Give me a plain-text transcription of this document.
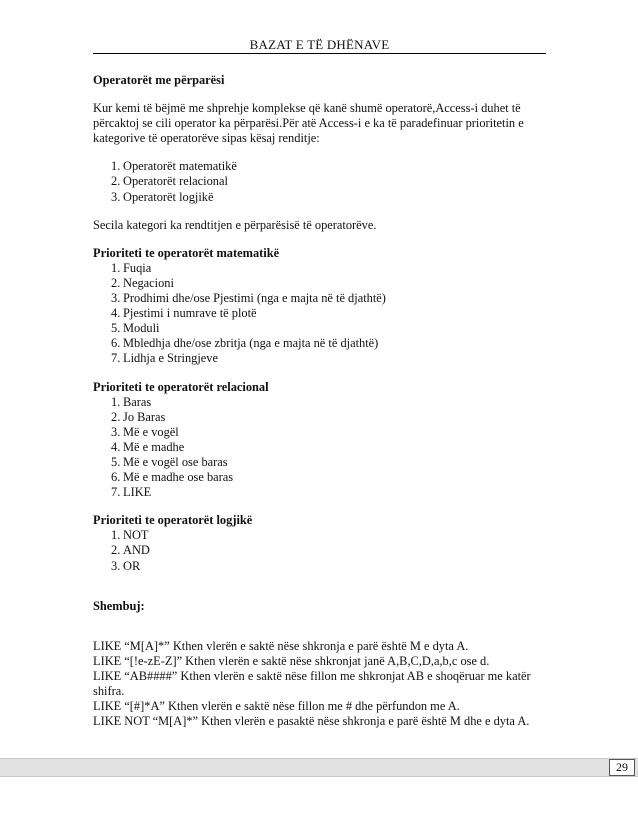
BAZAT E TË DHËNAVE

Operatorët me përparësi

Kur kemi të bëjmë me shprehje komplekse që kanë shumë operatorë,Access-i duhet të

përcaktoj se cili operator ka përparësi.Për atë Access-i e ka të paradefinuar prioritetin e

kategorive të operatorëve sipas kësaj renditje:

1. Operatorët matematikë
2. Operatorët relacional
3. Operatorët logjikë

Secila kategori ka rendtitjen e përparësisë të operatorëve.

Prioriteti te operatorët matematikë

1. Fuqia
2. Negacioni
3. Prodhimi dhe/ose Pjestimi (nga e majta në të djathtë)
4. Pjestimi i numrave të plotë
5. Moduli
6. Mbledhja dhe/ose zbritja (nga e majta në të djathtë)
7. Lidhja e Stringjeve

Prioriteti te operatorët relacional

1. Baras
2. Jo Baras
3. Më e vogël
4. Më e madhe
5. Më e vogël ose baras
6. Më e madhe ose baras
7. LIKE

Prioriteti te operatorët logjikë

1. NOT
2. AND
3. OR

Shembuj:

LIKE “M[A]*” Kthen vlerën e saktë nëse shkronja e parë është M e dyta A.

LIKE “[!e-zE-Z]” Kthen vlerën e saktë nëse shkronjat janë A,B,C,D,a,b,c ose d.

LIKE “AB####” Kthen vlerën e saktë nëse fillon me shkronjat AB e shoqëruar me katër

shifra.

LIKE “[#]*A” Kthen vlerën e saktë nëse fillon me # dhe përfundon me A.

LIKE NOT “M[A]*” Kthen vlerën e pasaktë nëse shkronja e parë është M dhe e dyta A.

29
